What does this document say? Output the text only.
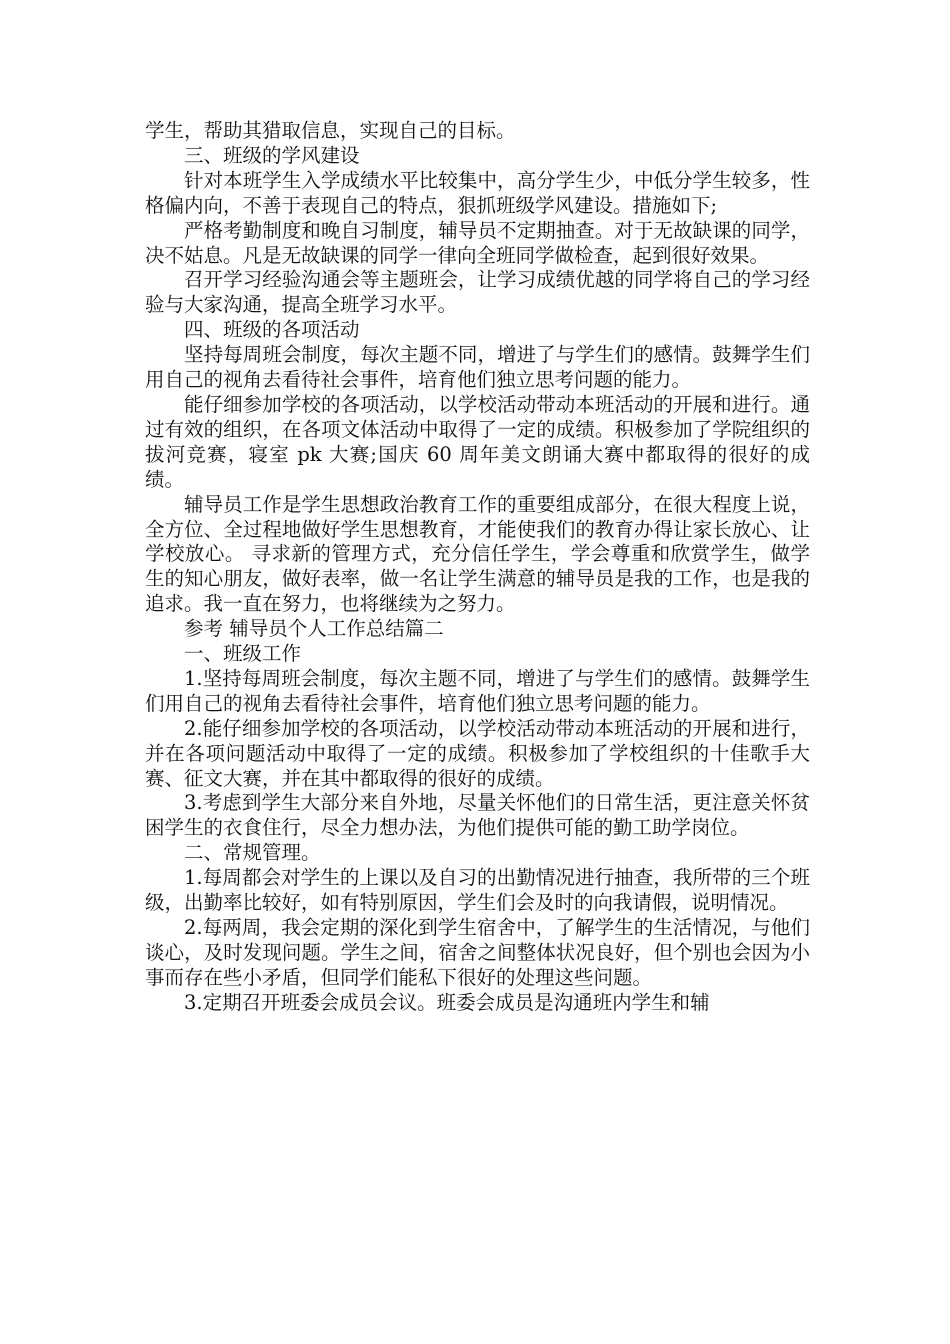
学生，帮助其猎取信息，实现自己的目标。

三、班级的学风建设

针对本班学生入学成绩水平比较集中，高分学生少，中低分学生较多，性格偏内向，不善于表现自己的特点，狠抓班级学风建设。措施如下;

严格考勤制度和晚自习制度，辅导员不定期抽查。对于无故缺课的同学，决不姑息。凡是无故缺课的同学一律向全班同学做检查，起到很好效果。

召开学习经验沟通会等主题班会，让学习成绩优越的同学将自己的学习经验与大家沟通，提高全班学习水平。

四、班级的各项活动

坚持每周班会制度，每次主题不同，增进了与学生们的感情。鼓舞学生们用自己的视角去看待社会事件，培育他们独立思考问题的能力。

能仔细参加学校的各项活动，以学校活动带动本班活动的开展和进行。通过有效的组织，在各项文体活动中取得了一定的成绩。积极参加了学院组织的拔河竞赛，寝室 pk 大赛;国庆 60 周年美文朗诵大赛中都取得的很好的成绩。

辅导员工作是学生思想政治教育工作的重要组成部分，在很大程度上说，全方位、全过程地做好学生思想教育，才能使我们的教育办得让家长放心、让学校放心。 寻求新的管理方式，充分信任学生，学会尊重和欣赏学生，做学生的知心朋友，做好表率，做一名让学生满意的辅导员是我的工作，也是我的追求。我一直在努力，也将继续为之努力。

参考 辅导员个人工作总结篇二

一、班级工作

1.坚持每周班会制度，每次主题不同，增进了与学生们的感情。鼓舞学生们用自己的视角去看待社会事件，培育他们独立思考问题的能力。

2.能仔细参加学校的各项活动，以学校活动带动本班活动的开展和进行，并在各项问题活动中取得了一定的成绩。积极参加了学校组织的十佳歌手大赛、征文大赛，并在其中都取得的很好的成绩。

3.考虑到学生大部分来自外地，尽量关怀他们的日常生活，更注意关怀贫困学生的衣食住行，尽全力想办法，为他们提供可能的勤工助学岗位。

二、常规管理。

1.每周都会对学生的上课以及自习的出勤情况进行抽查，我所带的三个班级，出勤率比较好，如有特别原因，学生们会及时的向我请假，说明情况。

2.每两周，我会定期的深化到学生宿舍中，了解学生的生活情况，与他们谈心，及时发现问题。学生之间，宿舍之间整体状况良好，但个别也会因为小事而存在些小矛盾，但同学们能私下很好的处理这些问题。

3.定期召开班委会成员会议。班委会成员是沟通班内学生和辅
